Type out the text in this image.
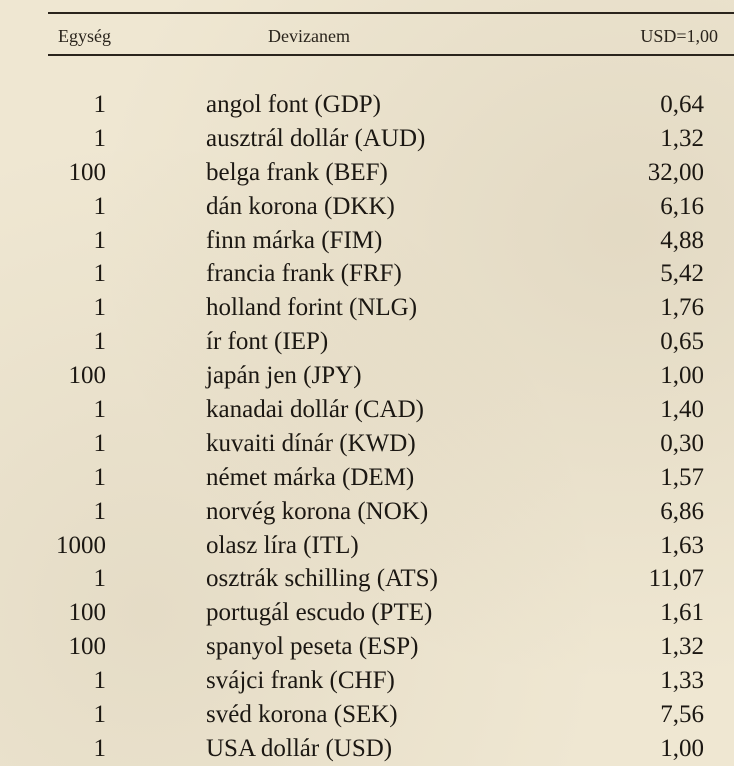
Egység	Devizanem	USD=1,00
1	angol font (GDP)	0,64
1	ausztrál dollár (AUD)	1,32
100	belga frank (BEF)	32,00
1	dán korona (DKK)	6,16
1	finn márka (FIM)	4,88
1	francia frank (FRF)	5,42
1	holland forint (NLG)	1,76
1	ír font (IEP)	0,65
100	japán jen (JPY)	1,00
1	kanadai dollár (CAD)	1,40
1	kuvaiti dínár (KWD)	0,30
1	német márka (DEM)	1,57
1	norvég korona (NOK)	6,86
1000	olasz líra (ITL)	1,63
1	osztrák schilling (ATS)	11,07
100	portugál escudo (PTE)	1,61
100	spanyol peseta (ESP)	1,32
1	svájci frank (CHF)	1,33
1	svéd korona (SEK)	7,56
1	USA dollár (USD)	1,00
